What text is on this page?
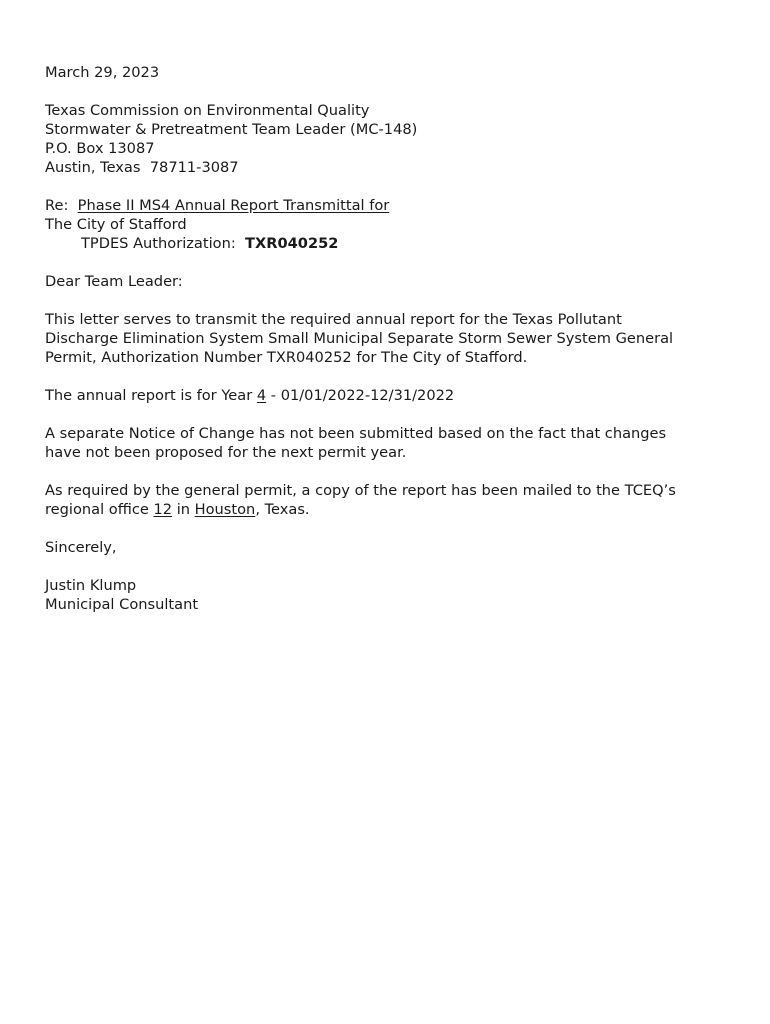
March 29, 2023
Texas Commission on Environmental Quality
Stormwater & Pretreatment Team Leader (MC-148)
P.O. Box 13087
Austin, Texas  78711-3087
Re:  Phase II MS4 Annual Report Transmittal for
The City of Stafford
TPDES Authorization:  TXR040252
Dear Team Leader:
This letter serves to transmit the required annual report for the Texas Pollutant
Discharge Elimination System Small Municipal Separate Storm Sewer System General
Permit, Authorization Number TXR040252 for The City of Stafford.
The annual report is for Year 4 - 01/01/2022-12/31/2022
A separate Notice of Change has not been submitted based on the fact that changes
have not been proposed for the next permit year.
As required by the general permit, a copy of the report has been mailed to the TCEQ’s
regional office 12 in Houston, Texas.
Sincerely,
Justin Klump
Municipal Consultant
